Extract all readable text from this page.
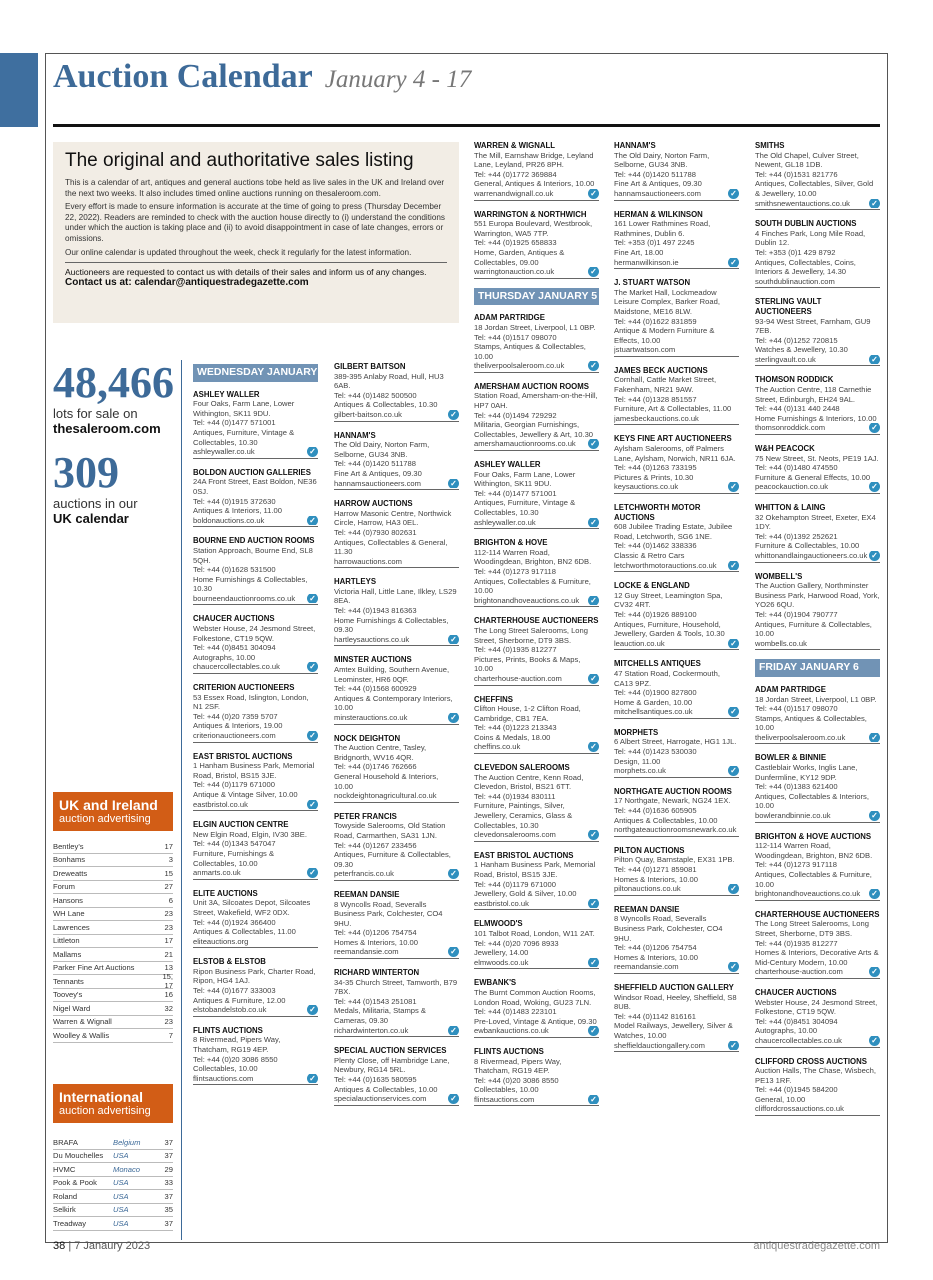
Auction Calendar January 4 - 17
The original and authoritative sales listing

This is a calendar of art, antiques and general auctions tobe held as live sales in the UK and Ireland over the next two weeks. It also includes timed online auctions running on thesaleroom.com.

Every effort is made to ensure information is accurate at the time of going to press (Thursday December 22, 2022). Readers are reminded to check with the auction house directly to (i) understand the conditions under which the auction is taking place and (ii) to avoid disappointment in case of late changes, errors or omissions.

Our online calendar is updated throughout the week, check it regularly for the latest information.

Auctioneers are requested to contact us with details of their sales and inform us of any changes.
Contact us at: calendar@antiquestradegazette.com
48,466
lots for sale on
thesaleroom.com
309
auctions in our
UK calendar
UK and Ireland
auction advertising
Bentley's	17
Bonhams	3
Dreweatts	15
Forum	27
Hansons	6
WH Lane	23
Lawrences	23
Littleton	17
Mallams	21
Parker Fine Art Auctions	13
Tennants	15, 17
Toovey's	16
Nigel Ward	32
Warren & Wignall	23
Woolley & Wallis	7
International
auction advertising
BRAFA	Belgium	37
Du Mouchelles	USA	37
HVMC	Monaco	29
Pook & Pook	USA	33
Roland	USA	37
Selkirk	USA	35
Treadway	USA	37
WEDNESDAY JANUARY 4
ASHLEY WALLER
Four Oaks, Farm Lane, Lower Withington, SK11 9DU.
Tel: +44 (0)1477 571001
Antiques, Furniture, Vintage & Collectables, 10.30
ashleywaller.co.uk	✓
BOLDON AUCTION GALLERIES
24A Front Street, East Boldon, NE36 0SJ.
Tel: +44 (0)1915 372630
Antiques & Interiors, 11.00
boldonauctions.co.uk	✓
BOURNE END AUCTION ROOMS
Station Approach, Bourne End, SL8 5QH.
Tel: +44 (0)1628 531500
Home Furnishings & Collectables, 10.30
bourneendauctionrooms.co.uk ✓
CHAUCER AUCTIONS
Webster House, 24 Jesmond Street, Folkestone, CT19 5QW.
Tel: +44 (0)8451 304094
Autographs, 10.00
chaucercollectables.co.uk	✓
CRITERION AUCTIONEERS
53 Essex Road, Islington, London, N1 2SF.
Tel: +44 (0)20 7359 5707
Antiques & Interiors, 19.00
criterionauctioneers.com	✓
EAST BRISTOL AUCTIONS
1 Hanham Business Park, Memorial Road, Bristol, BS15 3JE.
Tel: +44 (0)1179 671000
Antique & Vintage Silver, 10.00
eastbristol.co.uk	✓
ELGIN AUCTION CENTRE
New Elgin Road, Elgin, IV30 3BE.
Tel: +44 (0)1343 547047
Furniture, Furnishings & Collectables, 10.00
anmarts.co.uk	✓
ELITE AUCTIONS
Unit 3A, Silcoates Depot, Silcoates Street, Wakefield, WF2 0DX.
Tel: +44 (0)1924 366400
Antiques & Collectables, 11.00
eliteauctions.org
ELSTOB & ELSTOB
Ripon Business Park, Charter Road, Ripon, HG4 1AJ.
Tel: +44 (0)1677 333003
Antiques & Furniture, 12.00
elstobandelstob.co.uk	✓
FLINTS AUCTIONS
8 Rivermead, Pipers Way, Thatcham, RG19 4EP.
Tel: +44 (0)20 3086 8550
Collectables, 10.00
flintsauctions.com	✓
GILBERT BAITSON
389-395 Anlaby Road, Hull, HU3 6AB.
Tel: +44 (0)1482 500500
Antiques & Collectables, 10.30
gilbert-baitson.co.uk	✓
HANNAM'S
The Old Dairy, Norton Farm, Selborne, GU34 3NB.
Tel: +44 (0)1420 511788
Fine Art & Antiques, 09.30
hannamsauctioneers.com	✓
HARROW AUCTIONS
Harrow Masonic Centre, Northwick Circle, Harrow, HA3 0EL.
Tel: +44 (0)7930 802631
Antiques, Collectables & General, 11.30
harrowauctions.com
HARTLEYS
Victoria Hall, Little Lane, Ilkley, LS29 8EA.
Tel: +44 (0)1943 816363
Home Furnishings & Collectables, 09.30
hartleysauctions.co.uk	✓
MINSTER AUCTIONS
Amtex Building, Southern Avenue, Leominster, HR6 0QF.
Tel: +44 (0)1568 600929
Antiques & Contemporary Interiors, 10.00
minsterauctions.co.uk	✓
NOCK DEIGHTON
The Auction Centre, Tasley, Bridgnorth, WV16 4QR.
Tel: +44 (0)1746 762666
General Household & Interiors, 10.00
nockdeightonagricultural.co.uk
PETER FRANCIS
Towyside Salerooms, Old Station Road, Carmarthen, SA31 1JN.
Tel: +44 (0)1267 233456
Antiques, Furniture & Collectables, 09.30
peterfrancis.co.uk	✓
REEMAN DANSIE
8 Wyncolls Road, Severalls Business Park, Colchester, CO4 9HU.
Tel: +44 (0)1206 754754
Homes & Interiors, 10.00
reemandansie.com	✓
RICHARD WINTERTON
34-35 Church Street, Tamworth, B79 7BX.
Tel: +44 (0)1543 251081
Medals, Militaria, Stamps & Cameras, 09.30
richardwinterton.co.uk	✓
SPECIAL AUCTION SERVICES
Plenty Close, off Hambridge Lane, Newbury, RG14 5RL.
Tel: +44 (0)1635 580595
Antiques & Collectables, 10.00
specialauctionservices.com	✓
WARREN & WIGNALL
The Mill, Earnshaw Bridge, Leyland Lane, Leyland, PR26 8PH.
Tel: +44 (0)1772 369884
General, Antiques & Interiors, 10.00
warrenandwignall.co.uk	✓
WARRINGTON & NORTHWICH
551 Europa Boulevard, Westbrook, Warrington, WA5 7TP.
Tel: +44 (0)1925 658833
Home, Garden, Antiques & Collectables, 09.00
warringtonauction.co.uk	✓
THURSDAY JANUARY 5
ADAM PARTRIDGE
18 Jordan Street, Liverpool, L1 0BP.
Tel: +44 (0)1517 098070
Stamps, Antiques & Collectables, 10.00
theliverpoolsaleroom.co.uk	✓
AMERSHAM AUCTION ROOMS
Station Road, Amersham-on-the-Hill, HP7 0AH.
Tel: +44 (0)1494 729292
Militaria, Georgian Furnishings, Collectables, Jewellery & Art, 10.30
amershamauctionrooms.co.uk ✓
ASHLEY WALLER
Four Oaks, Farm Lane, Lower Withington, SK11 9DU.
Tel: +44 (0)1477 571001
Antiques, Furniture, Vintage & Collectables, 10.30
ashleywaller.co.uk	✓
BRIGHTON & HOVE
112-114 Warren Road, Woodingdean, Brighton, BN2 6DB.
Tel: +44 (0)1273 917118
Antiques, Collectables & Furniture, 10.00
brightonandhoveauctions.co.uk ✓
CHARTERHOUSE AUCTIONEERS
The Long Street Salerooms, Long Street, Sherborne, DT9 3BS.
Tel: +44 (0)1935 812277
Pictures, Prints, Books & Maps, 10.00
charterhouse-auction.com	✓
CHEFFINS
Clifton House, 1-2 Clifton Road, Cambridge, CB1 7EA.
Tel: +44 (0)1223 213343
Coins & Medals, 18.00
cheffins.co.uk	✓
CLEVEDON SALEROOMS
The Auction Centre, Kenn Road, Clevedon, Bristol, BS21 6TT.
Tel: +44 (0)1934 830111
Furniture, Paintings, Silver, Jewellery, Ceramics, Glass & Collectables, 10.30
clevedonsalerooms.com	✓
EAST BRISTOL AUCTIONS
1 Hanham Business Park, Memorial Road, Bristol, BS15 3JE.
Tel: +44 (0)1179 671000
Jewellery, Gold & Silver, 10.00
eastbristol.co.uk	✓
ELMWOOD'S
101 Talbot Road, London, W11 2AT.
Tel: +44 (0)20 7096 8933
Jewellery, 14.00
elmwoods.co.uk	✓
EWBANK'S
The Burnt Common Auction Rooms, London Road, Woking, GU23 7LN.
Tel: +44 (0)1483 223101
Pre-Loved, Vintage & Antique, 09.30
ewbankauctions.co.uk	✓
FLINTS AUCTIONS
8 Rivermead, Pipers Way, Thatcham, RG19 4EP.
Tel: +44 (0)20 3086 8550
Collectables, 10.00
flintsauctions.com	✓
HANNAM'S
The Old Dairy, Norton Farm, Selborne, GU34 3NB.
Tel: +44 (0)1420 511788
Fine Art & Antiques, 09.30
hannamsauctioneers.com	✓
HERMAN & WILKINSON
161 Lower Rathmines Road, Rathmines, Dublin 6.
Tel: +353 (0)1 497 2245
Fine Art, 18.00
hermanwilkinson.ie	✓
J. STUART WATSON
The Market Hall, Lockmeadow Leisure Complex, Barker Road, Maidstone, ME16 8LW.
Tel: +44 (0)1622 831859
Antique & Modern Furniture & Effects, 10.00
jstuartwatson.com
JAMES BECK AUCTIONS
Cornhall, Cattle Market Street, Fakenham, NR21 9AW.
Tel: +44 (0)1328 851557
Furniture, Art & Collectables, 11.00
jamesbeckauctions.co.uk
KEYS FINE ART AUCTIONEERS
Aylsham Salerooms, off Palmers Lane, Aylsham, Norwich, NR11 6JA.
Tel: +44 (0)1263 733195
Pictures & Prints, 10.30
keysauctions.co.uk	✓
LETCHWORTH MOTOR AUCTIONS
608 Jubilee Trading Estate, Jubilee Road, Letchworth, SG6 1NE.
Tel: +44 (0)1462 338336
Classic & Retro Cars
letchworthmotorauctions.co.uk ✓
LOCKE & ENGLAND
12 Guy Street, Leamington Spa, CV32 4RT.
Tel: +44 (0)1926 889100
Antiques, Furniture, Household, Jewellery, Garden & Tools, 10.30
leauction.co.uk	✓
MITCHELLS ANTIQUES
47 Station Road, Cockermouth, CA13 9PZ.
Tel: +44 (0)1900 827800
Home & Garden, 10.00
mitchellsantiques.co.uk	✓
MORPHETS
6 Albert Street, Harrogate, HG1 1JL.
Tel: +44 (0)1423 530030
Design, 11.00
morphets.co.uk	✓
NORTHGATE AUCTION ROOMS
17 Northgate, Newark, NG24 1EX.
Tel: +44 (0)1636 605905
Antiques & Collectables, 10.00
northgateauctionroomsnewark.co.uk
PILTON AUCTIONS
Pilton Quay, Barnstaple, EX31 1PB.
Tel: +44 (0)1271 859081
Homes & Interiors, 10.00
piltonauctions.co.uk	✓
REEMAN DANSIE
8 Wyncolls Road, Severalls Business Park, Colchester, CO4 9HU.
Tel: +44 (0)1206 754754
Homes & Interiors, 10.00
reemandansie.com	✓
SHEFFIELD AUCTION GALLERY
Windsor Road, Heeley, Sheffield, S8 8UB.
Tel: +44 (0)1142 816161
Model Railways, Jewellery, Silver & Watches, 10.00
sheffieldauctiongallery.com	✓
SMITHS
The Old Chapel, Culver Street, Newent, GL18 1DB.
Tel: +44 (0)1531 821776
Antiques, Collectables, Silver, Gold & Jewellery, 10.00
smithsnewentauctions.co.uk	✓
SOUTH DUBLIN AUCTIONS
4 Finches Park, Long Mile Road, Dublin 12.
Tel: +353 (0)1 429 8792
Antiques, Collectables, Coins, Interiors & Jewellery, 14.30
southdublinauction.com
STERLING VAULT AUCTIONEERS
93-94 West Street, Farnham, GU9 7EB.
Tel: +44 (0)1252 720815
Watches & Jewellery, 10.30
sterlingvault.co.uk	✓
THOMSON RODDICK
The Auction Centre, 118 Carnethie Street, Edinburgh, EH24 9AL.
Tel: +44 (0)131 440 2448
Home Furnishings & Interiors, 10.00
thomsonroddick.com	✓
W&H PEACOCK
75 New Street, St. Neots, PE19 1AJ.
Tel: +44 (0)1480 474550
Furniture & General Effects, 10.00
peacockauction.co.uk	✓
WHITTON & LAING
32 Okehampton Street, Exeter, EX4 1DY.
Tel: +44 (0)1392 252621
Furniture & Collectables, 10.00
whittonandlaingauctioneers.co.uk ✓
WOMBELL'S
The Auction Gallery, Northminster Business Park, Harwood Road, York, YO26 6QU.
Tel: +44 (0)1904 790777
Antiques, Furniture & Collectables, 10.00
wombells.co.uk
FRIDAY JANUARY 6
ADAM PARTRIDGE
18 Jordan Street, Liverpool, L1 0BP.
Tel: +44 (0)1517 098070
Stamps, Antiques & Collectables, 10.00
theliverpoolsaleroom.co.uk	✓
BOWLER & BINNIE
Castleblair Works, Inglis Lane, Dunfermline, KY12 9DP.
Tel: +44 (0)1383 621400
Antiques, Collectables & Interiors, 10.00
bowlerandbinnie.co.uk	✓
BRIGHTON & HOVE AUCTIONS
112-114 Warren Road, Woodingdean, Brighton, BN2 6DB.
Tel: +44 (0)1273 917118
Antiques, Collectables & Furniture, 10.00
brightonandhoveauctions.co.uk ✓
CHARTERHOUSE AUCTIONEERS
The Long Street Salerooms, Long Street, Sherborne, DT9 3BS.
Tel: +44 (0)1935 812277
Homes & Interiors, Decorative Arts & Mid-Century Modern, 10.00
charterhouse-auction.com	✓
CHAUCER AUCTIONS
Webster House, 24 Jesmond Street, Folkestone, CT19 5QW.
Tel: +44 (0)8451 304094
Autographs, 10.00
chaucercollectables.co.uk	✓
CLIFFORD CROSS AUCTIONS
Auction Halls, The Chase, Wisbech, PE13 1RF.
Tel: +44 (0)1945 584200
General, 10.00
cliffordcrossauctions.co.uk
38 | 7 Janaury 2023	antiquestradegazette.com
